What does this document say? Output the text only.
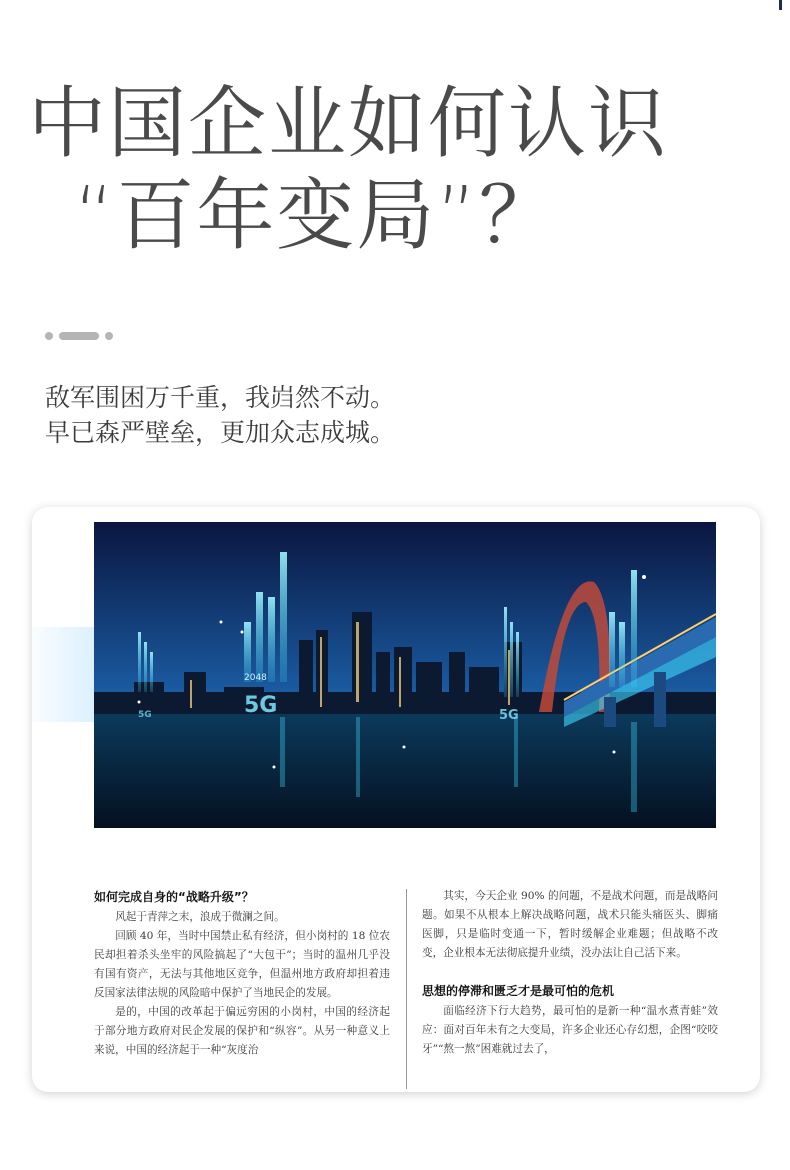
中国企业如何认识
“百年变局”？
敌军围困万千重，我岿然不动。
早已森严壁垒，更加众志成城。
2048
5G	5G
5G
如何完成自身的“战略升级”？

风起于青萍之末，浪成于微澜之间。

回顾 40 年，当时中国禁止私有经济，但小岗村的 18 位农民却担着杀头坐牢的风险搞起了“大包干”；当时的温州几乎没有国有资产，无法与其他地区竞争，但温州地方政府却担着违反国家法律法规的风险暗中保护了当地民企的发展。

是的，中国的改革起于偏远穷困的小岗村，中国的经济起于部分地方政府对民企发展的保护和“纵容”。从另一种意义上来说，中国的经济起于一种“灰度治

其实，今天企业 90% 的问题，不是战术问题，而是战略问题。如果不从根本上解决战略问题，战术只能头痛医头、脚痛医脚，只是临时变通一下，暂时缓解企业难题；但战略不改变，企业根本无法彻底提升业绩，没办法让自己活下来。

思想的停滞和匮乏才是最可怕的危机

面临经济下行大趋势，最可怕的是新一种“温水煮青蛙”效应：面对百年未有之大变局，许多企业还心存幻想，企图“咬咬牙”“熬一熬”困难就过去了，
